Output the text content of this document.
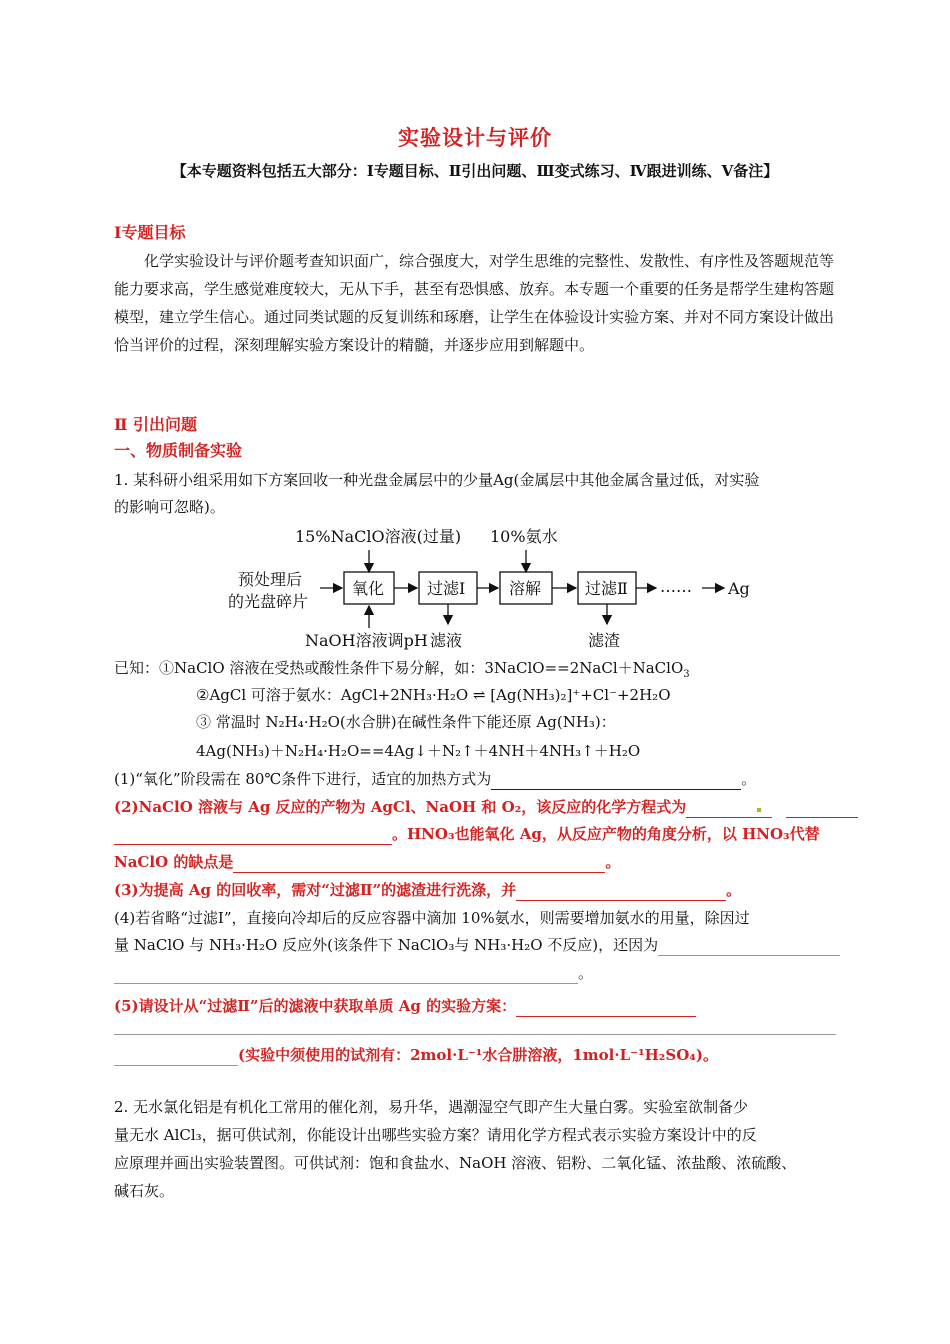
实验设计与评价
【本专题资料包括五大部分：Ⅰ专题目标、Ⅱ引出问题、Ⅲ变式练习、Ⅳ跟进训练、Ⅴ备注】
Ⅰ专题目标
化学实验设计与评价题考查知识面广，综合强度大，对学生思维的完整性、发散性、有序性及答题规范等能力要求高，学生感觉难度较大，无从下手，甚至有恐惧感、放弃。本专题一个重要的任务是帮学生建构答题模型，建立学生信心。通过同类试题的反复训练和琢磨，让学生在体验设计实验方案、并对不同方案设计做出恰当评价的过程，深刻理解实验方案设计的精髓，并逐步应用到解题中。
Ⅱ 引出问题
一、物质制备实验
1. 某科研小组采用如下方案回收一种光盘金属层中的少量Ag(金属层中其他金属含量过低，对实验
的影响可忽略)。
15%NaClO溶液(过量) 10%氨水
预处理后
的光盘碎片
氧化	过滤Ⅰ	溶解	过滤Ⅱ …… Ag
NaOH溶液调pH 滤液	滤渣
已知：①NaClO 溶液在受热或酸性条件下易分解，如：3NaClO==2NaCl＋NaClO$_3$
②AgCl 可溶于氨水：AgCl+2NH₃·H₂O ⇌ [Ag(NH₃)₂]⁺+Cl⁻+2H₂O
③ 常温时 N₂H₄·H₂O(水合肼)在碱性条件下能还原 Ag(NH₃)：
4Ag(NH₃)＋N₂H₄·H₂O==4Ag↓＋N₂↑＋4NH＋4NH₃↑＋H₂O
(1)“氧化”阶段需在 80℃条件下进行，适宜的加热方式为	。
(2)NaClO 溶液与 Ag 反应的产物为 AgCl、NaOH 和 O₂，该反应的化学方程式为
。HNO₃也能氧化 Ag，从反应产物的角度分析，以 HNO₃代替
NaClO 的缺点是	。
(3)为提高 Ag 的回收率，需对“过滤Ⅱ”的滤渣进行洗涤，并	。
(4)若省略“过滤Ⅰ”，直接向冷却后的反应容器中滴加 10%氨水，则需要增加氨水的用量，除因过
量 NaClO 与 NH₃·H₂O 反应外(该条件下 NaClO₃与 NH₃·H₂O 不反应)，还因为
。
(5)请设计从“过滤Ⅱ”后的滤液中获取单质 Ag 的实验方案：
(实验中须使用的试剂有：2mol·L⁻¹水合肼溶液，1mol·L⁻¹H₂SO₄)。
2. 无水氯化铝是有机化工常用的催化剂，易升华，遇潮湿空气即产生大量白雾。实验室欲制备少
量无水 AlCl₃，据可供试剂，你能设计出哪些实验方案？请用化学方程式表示实验方案设计中的反
应原理并画出实验装置图。可供试剂：饱和食盐水、NaOH 溶液、铝粉、二氧化锰、浓盐酸、浓硫酸、
碱石灰。
